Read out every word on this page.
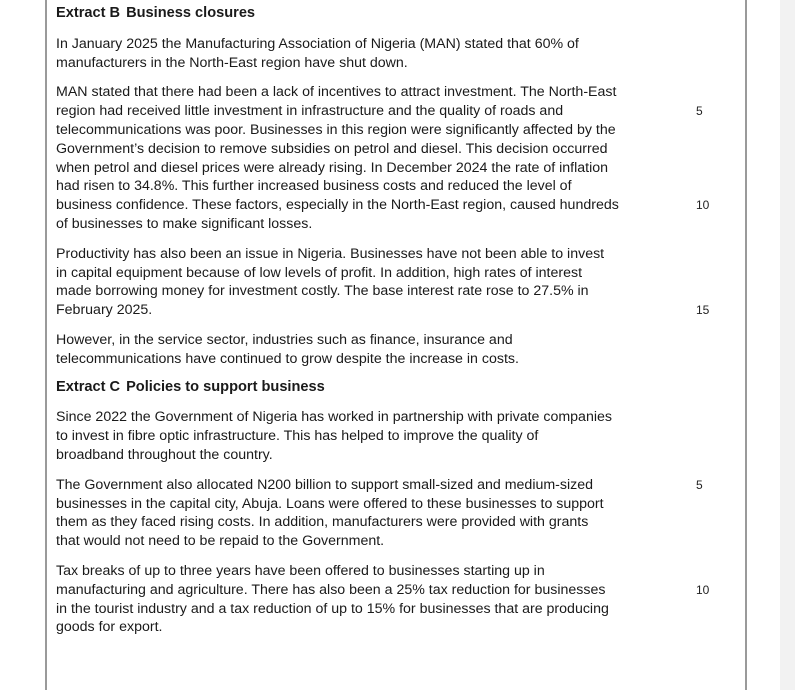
Extract B Business closures
In January 2025 the Manufacturing Association of Nigeria (MAN) stated that 60% of
manufacturers in the North-East region have shut down.
MAN stated that there had been a lack of incentives to attract investment. The North-East
region had received little investment in infrastructure and the quality of roads and	5
telecommunications was poor. Businesses in this region were significantly affected by the
Government’s decision to remove subsidies on petrol and diesel. This decision occurred
when petrol and diesel prices were already rising. In December 2024 the rate of inflation
had risen to 34.8%. This further increased business costs and reduced the level of
business confidence. These factors, especially in the North-East region, caused hundreds	10
of businesses to make significant losses.
Productivity has also been an issue in Nigeria. Businesses have not been able to invest
in capital equipment because of low levels of profit. In addition, high rates of interest
made borrowing money for investment costly. The base interest rate rose to 27.5% in
February 2025.	15
However, in the service sector, industries such as finance, insurance and
telecommunications have continued to grow despite the increase in costs.
Extract C Policies to support business
Since 2022 the Government of Nigeria has worked in partnership with private companies
to invest in fibre optic infrastructure. This has helped to improve the quality of
broadband throughout the country.
The Government also allocated N200 billion to support small-sized and medium-sized	5
businesses in the capital city, Abuja. Loans were offered to these businesses to support
them as they faced rising costs. In addition, manufacturers were provided with grants
that would not need to be repaid to the Government.
Tax breaks of up to three years have been offered to businesses starting up in
manufacturing and agriculture. There has also been a 25% tax reduction for businesses	10
in the tourist industry and a tax reduction of up to 15% for businesses that are producing
goods for export.
